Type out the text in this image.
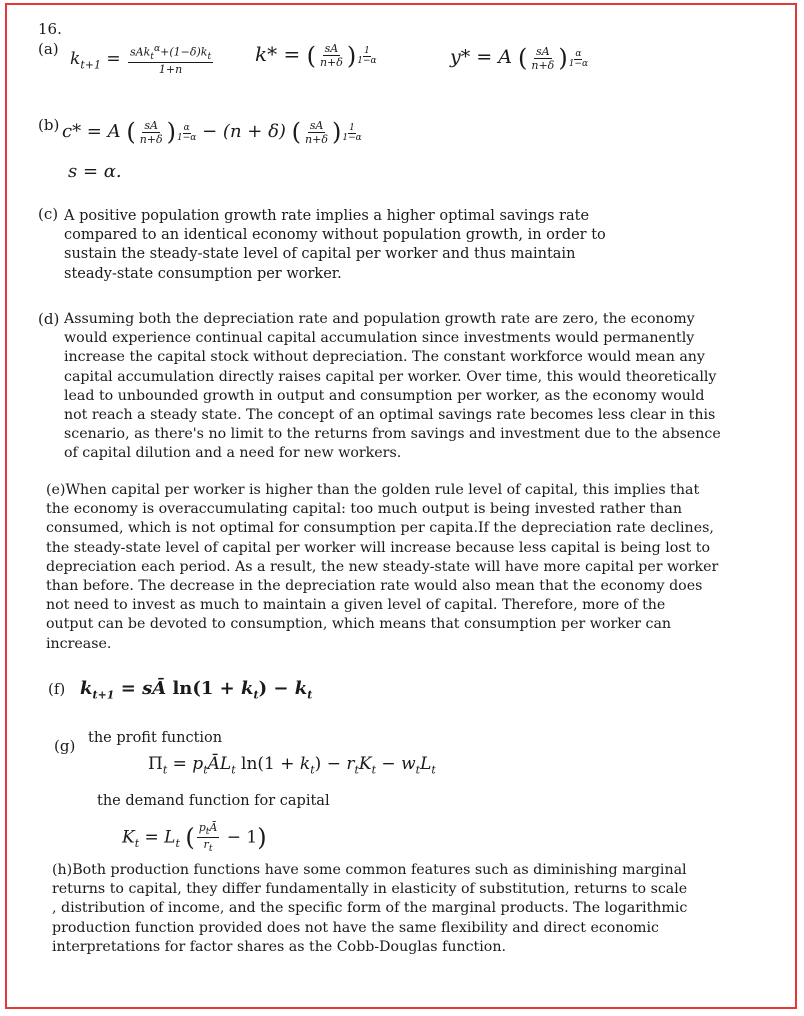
16.
(a) $k_{t+1} = \frac{sAk_t^\alpha+(1-\delta)k_t}{1+n} k*$ = ( $\frac{sA}{n+\delta}$ ) $\frac{1}{1-\alpha}$	y* = A ( $\frac{sA}{n+\delta}$ ) $\frac{\alpha}{1-\alpha}$
(b) c* = A ( $\frac{sA}{n+\delta}$ ) $\frac{\alpha}{1-\alpha} - (n + \delta)$ ( $\frac{sA}{n+\delta}$ ) $\frac{1}{1-\alpha}$
s = α.
(c) A positive population growth rate implies a higher optimal savings rate

compared to an identical economy without population growth, in order to

sustain the steady-state level of capital per worker and thus maintain

steady-state consumption per worker.

(d) Assuming both the depreciation rate and population growth rate are zero, the economy

would experience continual capital accumulation since investments would permanently

increase the capital stock without depreciation. The constant workforce would mean any

capital accumulation directly raises capital per worker. Over time, this would theoretically

lead to unbounded growth in output and consumption per worker, as the economy would

not reach a steady state. The concept of an optimal savings rate becomes less clear in this

scenario, as there's no limit to the returns from savings and investment due to the absence

of capital dilution and a need for new workers.

(e)When capital per worker is higher than the golden rule level of capital, this implies that

the economy is overaccumulating capital: too much output is being invested rather than

consumed, which is not optimal for consumption per capita.If the depreciation rate declines,

the steady-state level of capital per worker will increase because less capital is being lost to

depreciation each period. As a result, the new steady-state will have more capital per worker

than before. The decrease in the depreciation rate would also mean that the economy does

not need to invest as much to maintain a given level of capital. Therefore, more of the

output can be devoted to consumption, which means that consumption per worker can

increase.

(f) $k_{t+1}$ = sĀ $\ln(1 + k_t) - k_t$
(g) the profit function
$\Pi_t$ = $p_tĀL_t$ $\ln(1 + k_t) - r_tK_t - w_tL_t$
the demand function for capital
$K_t = L_t$ ( $\frac{p_tĀ}{r_t} - 1$)

(h)Both production functions have some common features such as diminishing marginal

returns to capital, they differ fundamentally in elasticity of substitution, returns to scale

, distribution of income, and the specific form of the marginal products. The logarithmic

production function provided does not have the same flexibility and direct economic

interpretations for factor shares as the Cobb-Douglas function.
